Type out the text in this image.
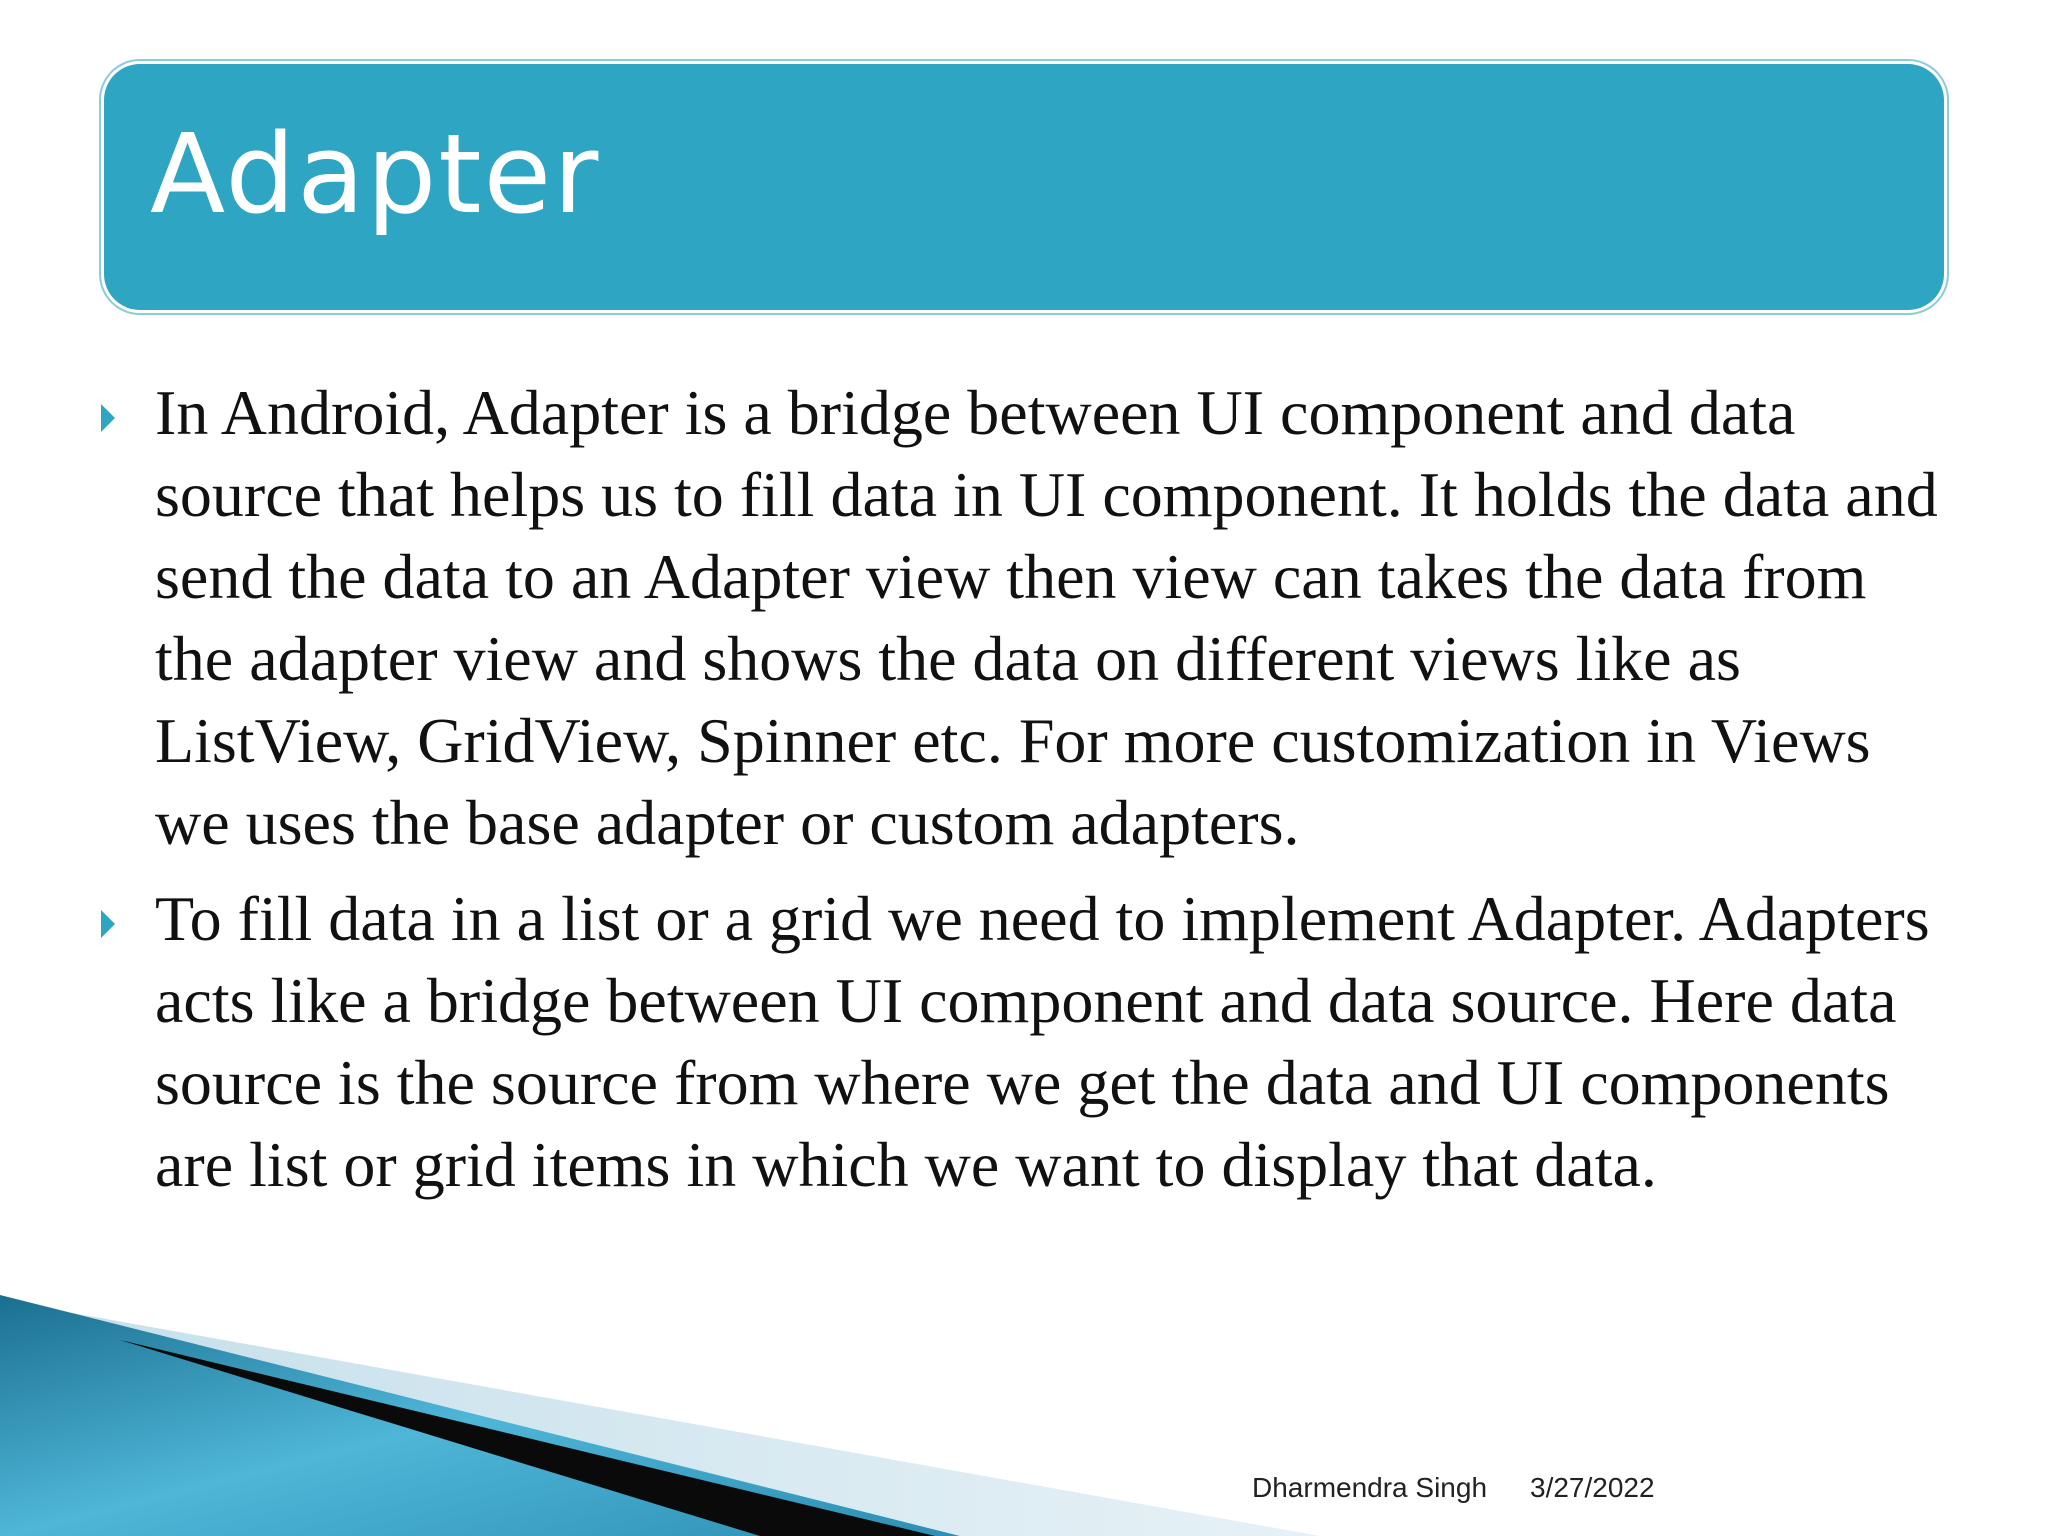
Adapter
In Android, Adapter is a bridge between UI component and data source that helps us to fill data in UI component. It holds the data and send the data to an Adapter view then view can takes the data from the adapter view and shows the data on different views like as ListView, GridView, Spinner etc. For more customization in Views we uses the base adapter or custom adapters.
To fill data in a list or a grid we need to implement Adapter. Adapters acts like a bridge between UI component and data source. Here data source is the source from where we get the data and UI components are list or grid items in which we want to display that data.
Dharmendra Singh 3/27/2022
